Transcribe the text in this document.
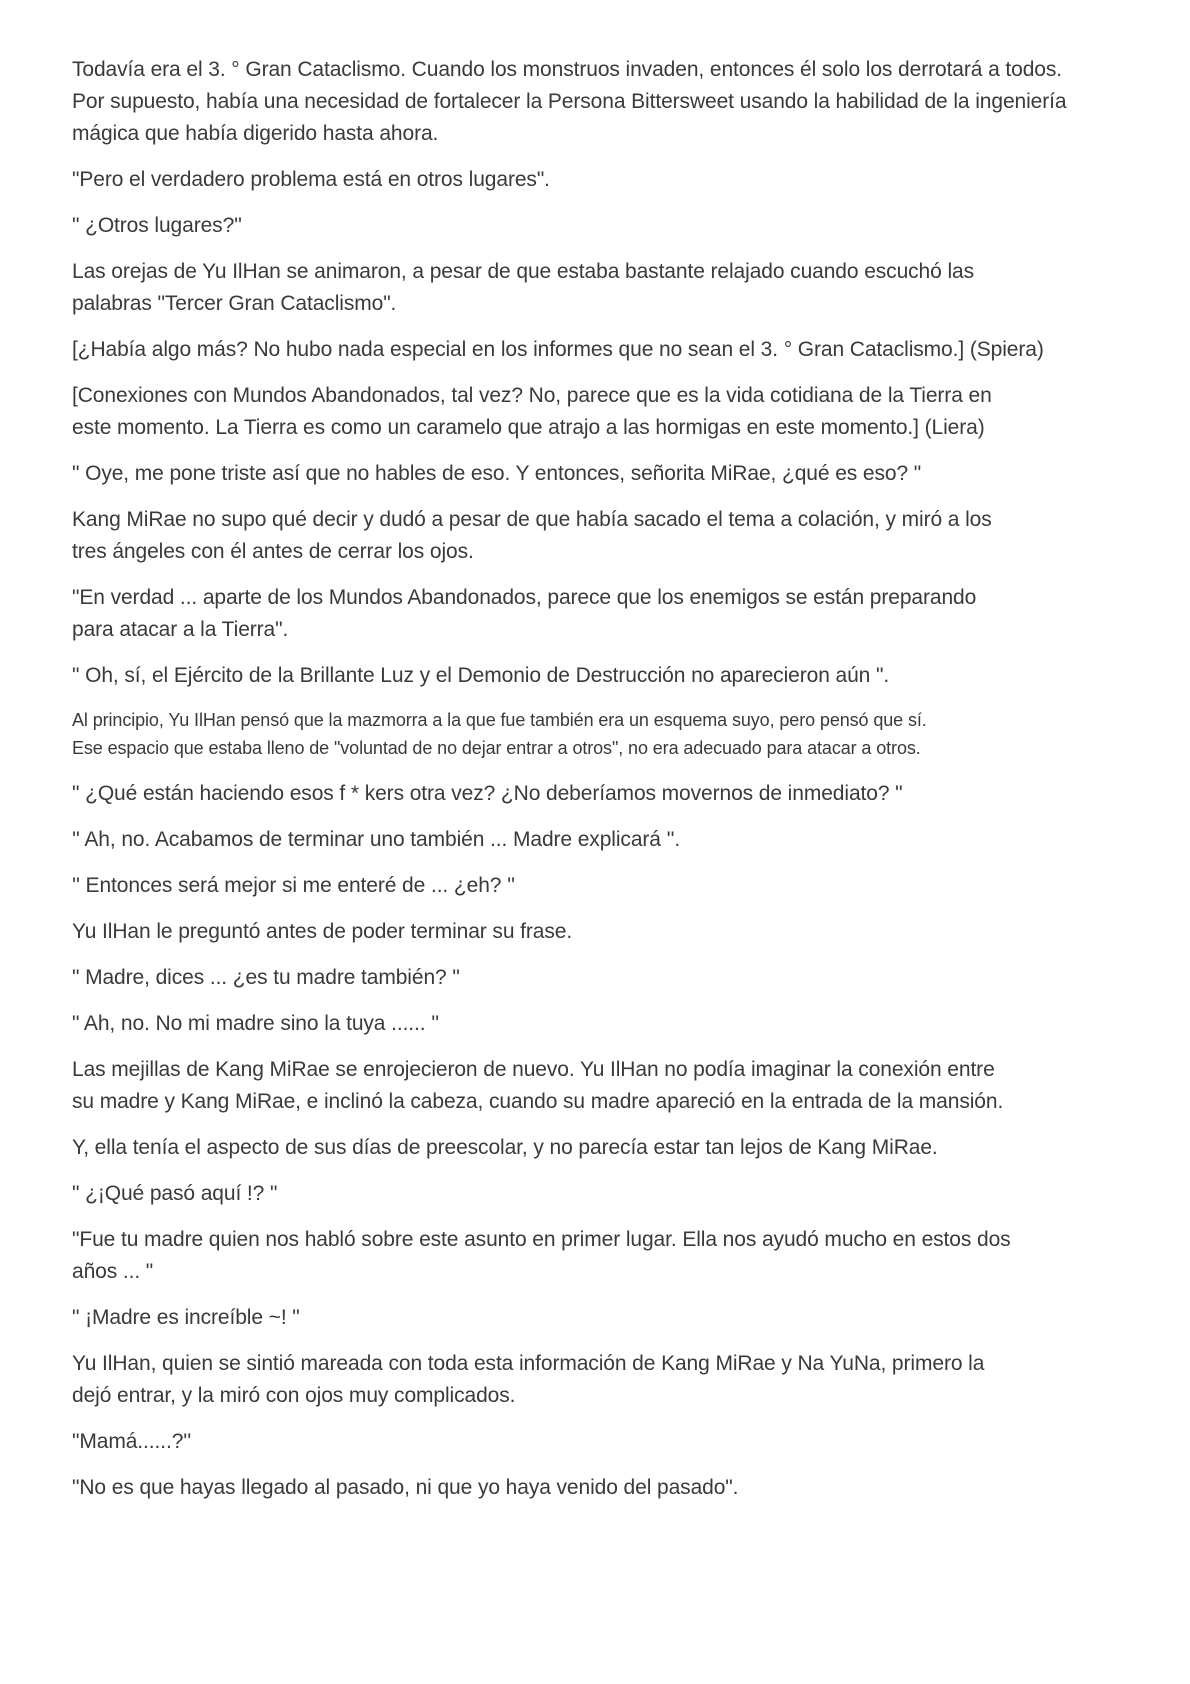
Todavía era el 3. ° Gran Cataclismo. Cuando los monstruos invaden, entonces él solo los derrotará a todos.
Por supuesto, había una necesidad de fortalecer la Persona Bittersweet usando la habilidad de la ingeniería
mágica que había digerido hasta ahora.

"Pero el verdadero problema está en otros lugares".

" ¿Otros lugares?''

Las orejas de Yu IlHan se animaron, a pesar de que estaba bastante relajado cuando escuchó las
palabras "Tercer Gran Cataclismo".

[¿Había algo más? No hubo nada especial en los informes que no sean el 3. ° Gran Cataclismo.] (Spiera)

[Conexiones con Mundos Abandonados, tal vez? No, parece que es la vida cotidiana de la Tierra en
este momento. La Tierra es como un caramelo que atrajo a las hormigas en este momento.] (Liera)

" Oye, me pone triste así que no hables de eso. Y entonces, señorita MiRae, ¿qué es eso? "

Kang MiRae no supo qué decir y dudó a pesar de que había sacado el tema a colación, y miró a los
tres ángeles con él antes de cerrar los ojos.

"En verdad ... aparte de los Mundos Abandonados, parece que los enemigos se están preparando
para atacar a la Tierra".

" Oh, sí, el Ejército de la Brillante Luz y el Demonio de Destrucción no aparecieron aún ".

Al principio, Yu IlHan pensó que la mazmorra a la que fue también era un esquema suyo, pero pensó que sí.
Ese espacio que estaba lleno de "voluntad de no dejar entrar a otros", no era adecuado para atacar a otros.

" ¿Qué están haciendo esos f * kers otra vez? ¿No deberíamos movernos de inmediato? "

'' Ah, no. Acabamos de terminar uno también ... Madre explicará ''.

'' Entonces será mejor si me enteré de ... ¿eh? ''

Yu IlHan le preguntó antes de poder terminar su frase.

" Madre, dices ... ¿es tu madre también? "

" Ah, no. No mi madre sino la tuya ...... ''

Las mejillas de Kang MiRae se enrojecieron de nuevo. Yu IlHan no podía imaginar la conexión entre
su madre y Kang MiRae, e inclinó la cabeza, cuando su madre apareció en la entrada de la mansión.

Y, ella tenía el aspecto de sus días de preescolar, y no parecía estar tan lejos de Kang MiRae.

" ¿¡Qué pasó aquí !? "

"Fue tu madre quien nos habló sobre este asunto en primer lugar. Ella nos ayudó mucho en estos dos
años ... "

" ¡Madre es increíble ~! "

Yu IlHan, quien se sintió mareada con toda esta información de Kang MiRae y Na YuNa, primero la
dejó entrar, y la miró con ojos muy complicados.

"Mamá......?''

"No es que hayas llegado al pasado, ni que yo haya venido del pasado".
